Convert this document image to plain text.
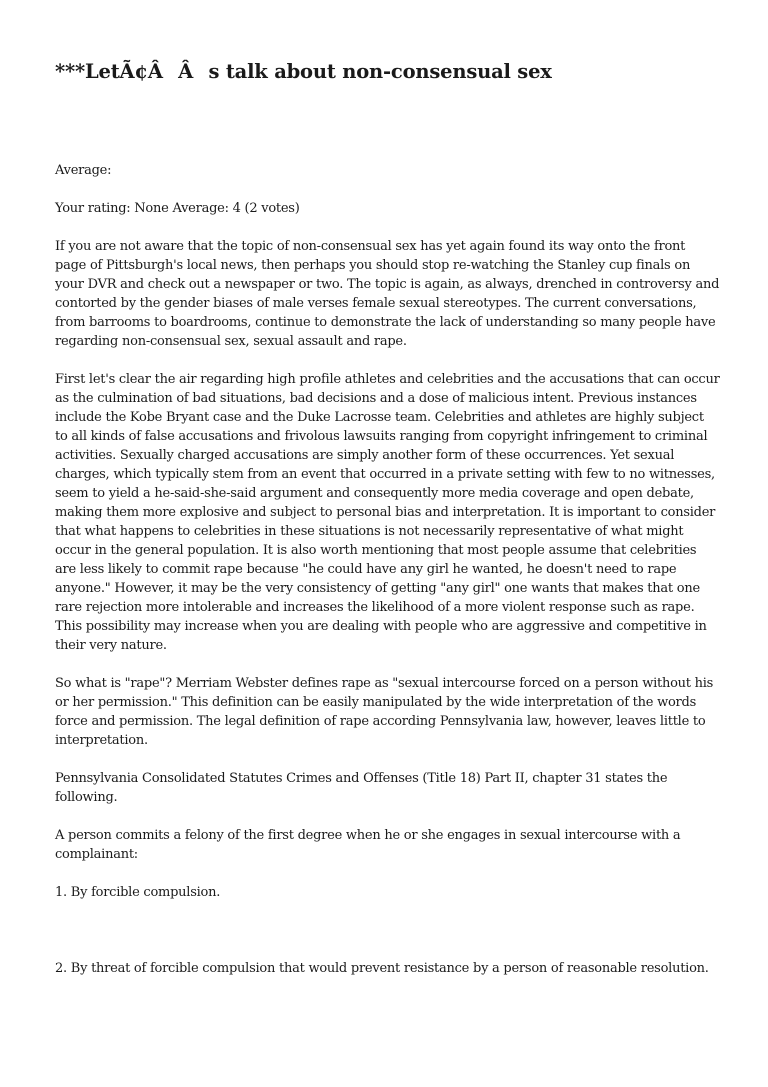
***LetÃ¢ÂÂs talk about non-consensual sex

Average:

Your rating: None Average: 4 (2 votes)

If you are not aware that the topic of non-consensual sex has yet again found its way onto the front page of Pittsburgh's local news, then perhaps you should stop re-watching the Stanley cup finals on your DVR and check out a newspaper or two. The topic is again, as always, drenched in controversy and contorted by the gender biases of male verses female sexual stereotypes. The current conversations, from barrooms to boardrooms, continue to demonstrate the lack of understanding so many people have regarding non-consensual sex, sexual assault and rape.

First let's clear the air regarding high profile athletes and celebrities and the accusations that can occur as the culmination of bad situations, bad decisions and a dose of malicious intent. Previous instances include the Kobe Bryant case and the Duke Lacrosse team. Celebrities and athletes are highly subject to all kinds of false accusations and frivolous lawsuits ranging from copyright infringement to criminal activities. Sexually charged accusations are simply another form of these occurrences. Yet sexual charges, which typically stem from an event that occurred in a private setting with few to no witnesses, seem to yield a he-said-she-said argument and consequently more media coverage and open debate, making them more explosive and subject to personal bias and interpretation. It is important to consider that what happens to celebrities in these situations is not necessarily representative of what might occur in the general population. It is also worth mentioning that most people assume that celebrities are less likely to commit rape because "he could have any girl he wanted, he doesn't need to rape anyone." However, it may be the very consistency of getting "any girl" one wants that makes that one rare rejection more intolerable and increases the likelihood of a more violent response such as rape. This possibility may increase when you are dealing with people who are aggressive and competitive in their very nature.

So what is "rape"? Merriam Webster defines rape as "sexual intercourse forced on a person without his or her permission." This definition can be easily manipulated by the wide interpretation of the words force and permission. The legal definition of rape according Pennsylvania law, however, leaves little to interpretation.

Pennsylvania Consolidated Statutes Crimes and Offenses (Title 18) Part II, chapter 31 states the following.

A person commits a felony of the first degree when he or she engages in sexual intercourse with a complainant:

1. By forcible compulsion.

2. By threat of forcible compulsion that would prevent resistance by a person of reasonable resolution.
